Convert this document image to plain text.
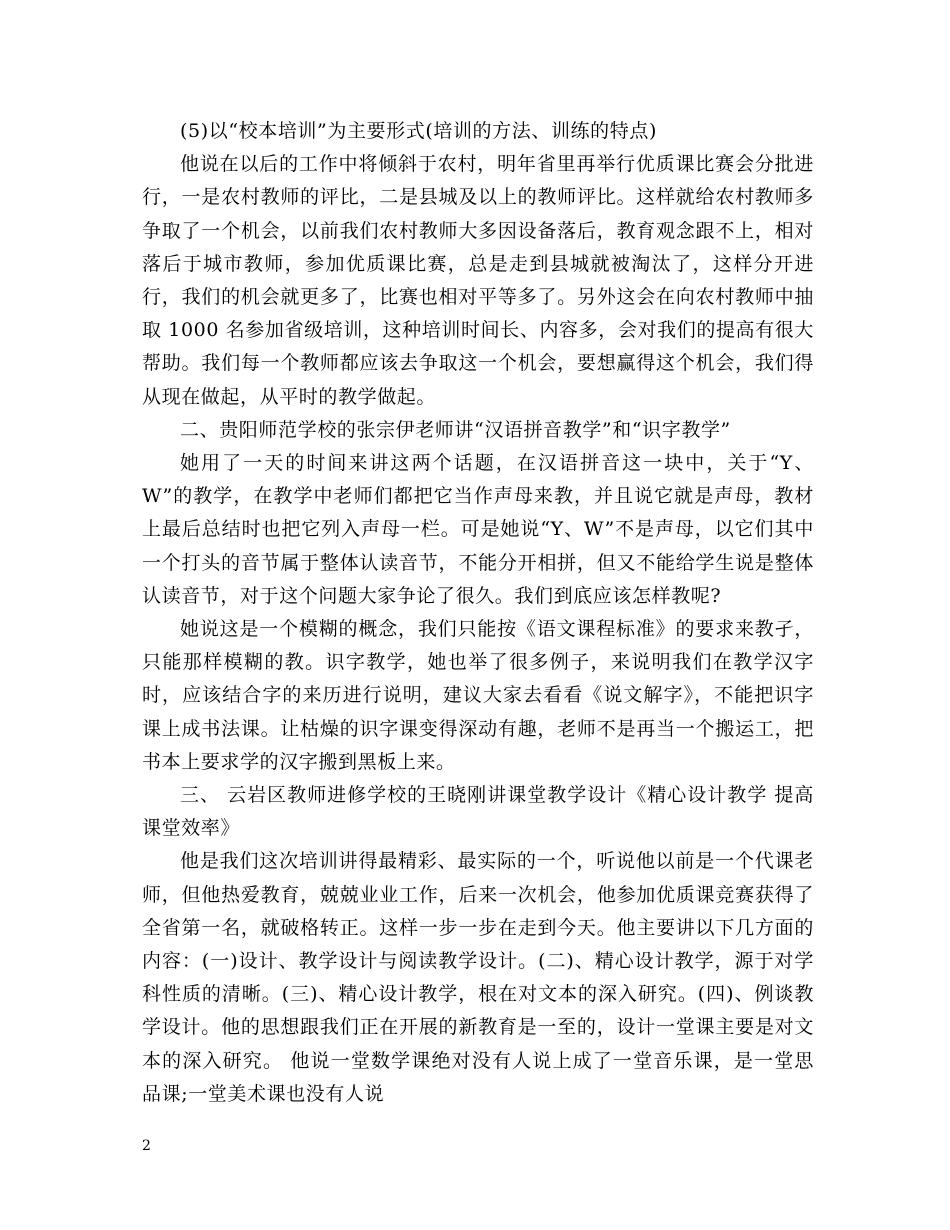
(5)以“校本培训”为主要形式(培训的方法、训练的特点)

他说在以后的工作中将倾斜于农村，明年省里再举行优质课比赛会分批进行，一是农村教师的评比，二是县城及以上的教师评比。这样就给农村教师多争取了一个机会，以前我们农村教师大多因设备落后，教育观念跟不上，相对落后于城市教师，参加优质课比赛，总是走到县城就被淘汰了，这样分开进行，我们的机会就更多了，比赛也相对平等多了。另外这会在向农村教师中抽取 1000 名参加省级培训，这种培训时间长、内容多，会对我们的提高有很大帮助。我们每一个教师都应该去争取这一个机会，要想赢得这个机会，我们得从现在做起，从平时的教学做起。

二、贵阳师范学校的张宗伊老师讲“汉语拼音教学”和“识字教学”

她用了一天的时间来讲这两个话题，在汉语拼音这一块中，关于“Y、W”的教学，在教学中老师们都把它当作声母来教，并且说它就是声母，教材上最后总结时也把它列入声母一栏。可是她说“Y、W”不是声母，以它们其中一个打头的音节属于整体认读音节，不能分开相拼，但又不能给学生说是整体认读音节，对于这个问题大家争论了很久。我们到底应该怎样教呢?

她说这是一个模糊的概念，我们只能按《语文课程标准》的要求来教孑，只能那样模糊的教。识字教学，她也举了很多例子，来说明我们在教学汉字时，应该结合字的来历进行说明，建议大家去看看《说文解字》，不能把识字课上成书法课。让枯燥的识字课变得深动有趣，老师不是再当一个搬运工，把书本上要求学的汉字搬到黑板上来。

三、 云岩区教师进修学校的王晓刚讲课堂教学设计《精心设计教学 提高课堂效率》

他是我们这次培训讲得最精彩、最实际的一个，听说他以前是一个代课老师，但他热爱教育，兢兢业业工作，后来一次机会，他参加优质课竞赛获得了全省第一名，就破格转正。这样一步一步在走到今天。他主要讲以下几方面的内容：(一)设计、教学设计与阅读教学设计。(二)、精心设计教学，源于对学科性质的清晰。(三)、精心设计教学，根在对文本的深入研究。(四)、例谈教学设计。他的思想跟我们正在开展的新教育是一至的，设计一堂课主要是对文本的深入研究。 他说一堂数学课绝对没有人说上成了一堂音乐课，是一堂思品课;一堂美术课也没有人说

2
